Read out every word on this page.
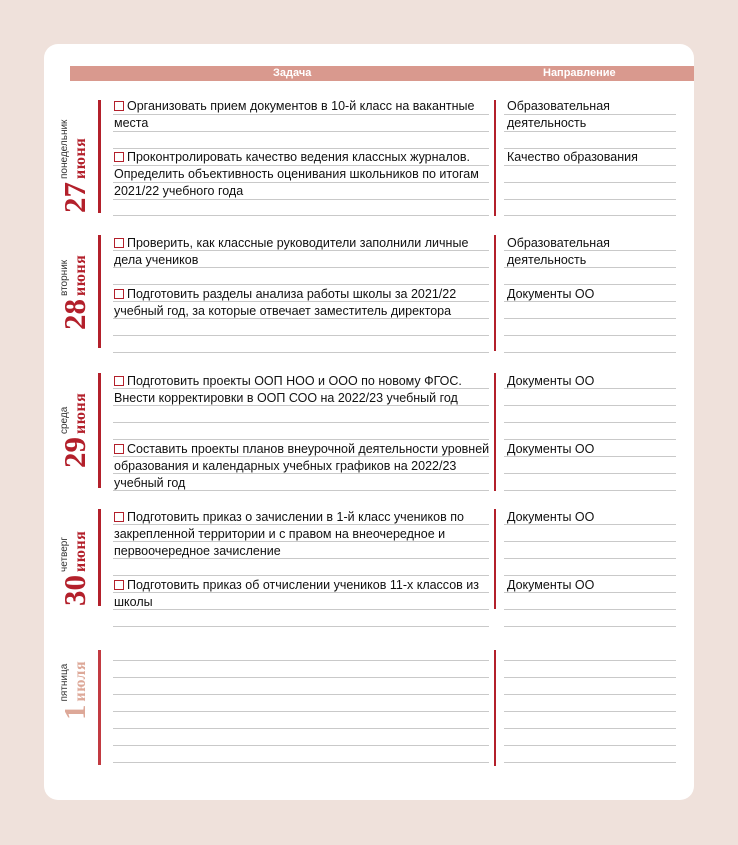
Задача	Направление
27
понедельник июня
Организовать прием документов в 10-й класс на вакантные места
Образовательная деятельность
Проконтролировать качество ведения классных журналов. Определить объективность оценивания школьников по итогам 2021/22 учебного года
Качество образования
28
вторник июня
Проверить, как классные руководители заполнили личные дела учеников
Образовательная деятельность
Подготовить разделы анализа работы школы за 2021/22 учебный год, за которые отвечает заместитель директора
Документы ОО
29
среда июня
Подготовить проекты ООП НОО и ООО по новому ФГОС. Внести корректировки в ООП СОО на 2022/23 учебный год
Документы ОО
Составить проекты планов внеурочной деятельности уровней образования и календарных учебных графиков на 2022/23 учебный год
Документы ОО
30
четверг июня
Подготовить приказ о зачислении в 1-й класс учеников по закрепленной территории и с правом на внеочередное и первоочередное зачисление
Документы ОО
Подготовить приказ об отчислении учеников 11-х классов из школы
Документы ОО
1
пятница июля
